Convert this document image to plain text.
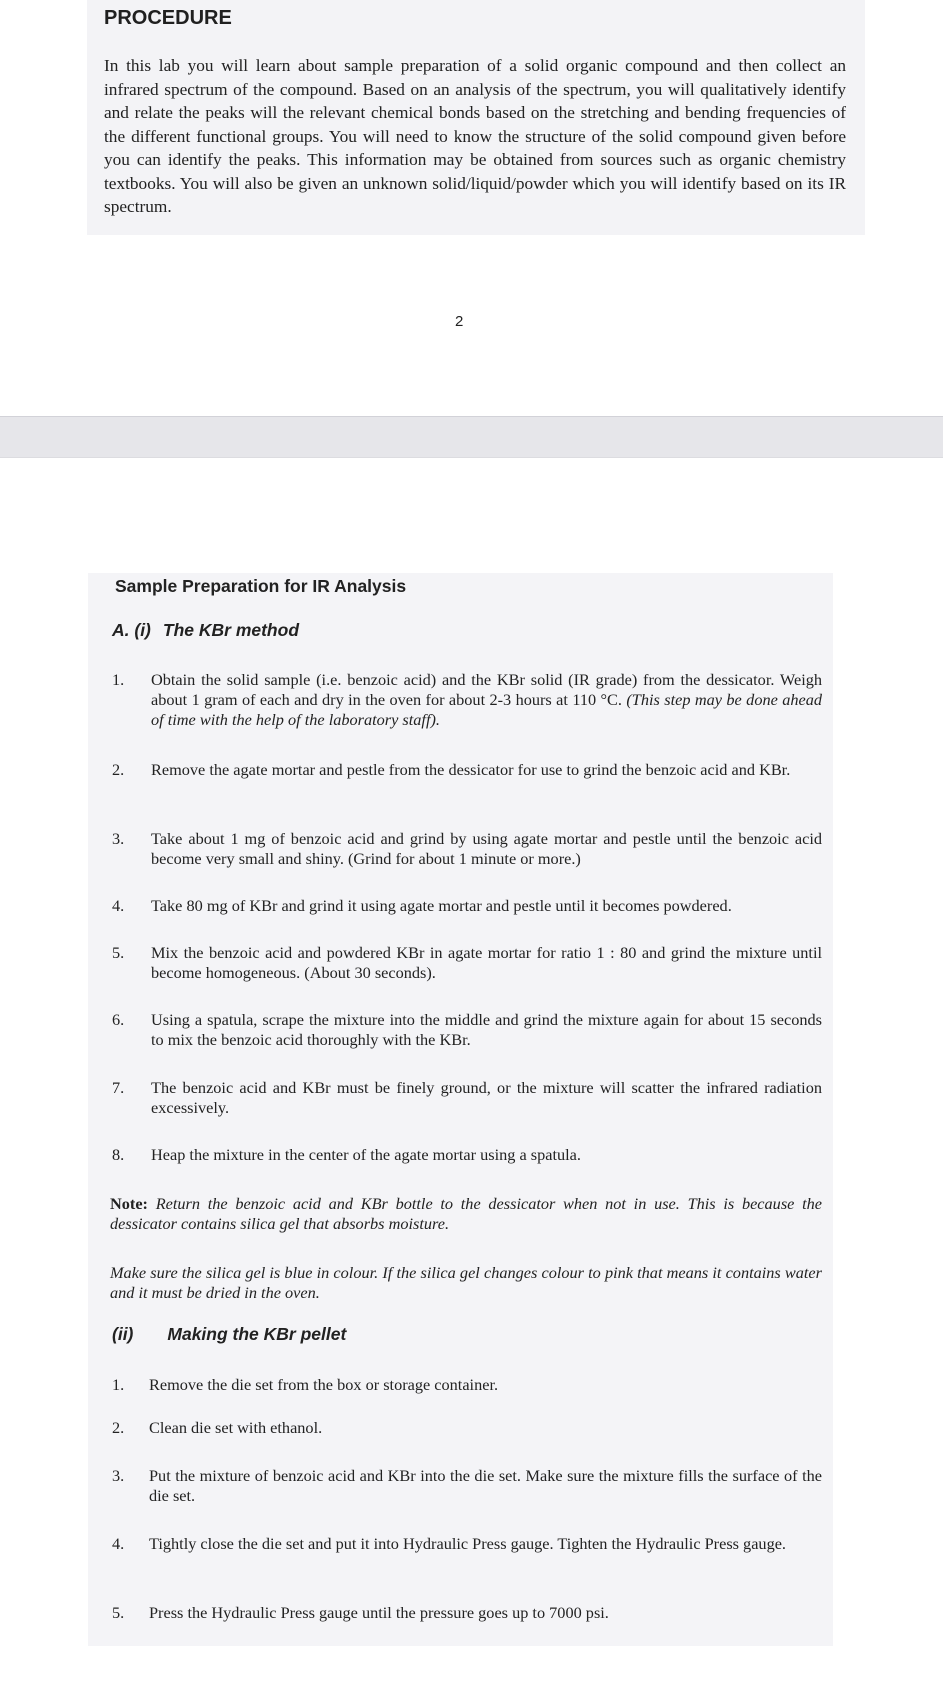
PROCEDURE

In this lab you will learn about sample preparation of a solid organic compound and then collect an infrared spectrum of the compound. Based on an analysis of the spectrum, you will qualitatively identify and relate the peaks will the relevant chemical bonds based on the stretching and bending frequencies of the different functional groups. You will need to know the structure of the solid compound given before you can identify the peaks. This information may be obtained from sources such as organic chemistry textbooks. You will also be given an unknown solid/liquid/powder which you will identify based on its IR spectrum.

2
Sample Preparation for IR Analysis
A. (i) The KBr method
1. Obtain the solid sample (i.e. benzoic acid) and the KBr solid (IR grade) from the dessicator. Weigh about 1 gram of each and dry in the oven for about 2-3 hours at 110 °C. (This step may be done ahead of time with the help of the laboratory staff).
2. Remove the agate mortar and pestle from the dessicator for use to grind the benzoic acid and KBr.
3. Take about 1 mg of benzoic acid and grind by using agate mortar and pestle until the benzoic acid become very small and shiny. (Grind for about 1 minute or more.)
4. Take 80 mg of KBr and grind it using agate mortar and pestle until it becomes powdered.
5. Mix the benzoic acid and powdered KBr in agate mortar for ratio 1 : 80 and grind the mixture until become homogeneous. (About 30 seconds).
6. Using a spatula, scrape the mixture into the middle and grind the mixture again for about 15 seconds to mix the benzoic acid thoroughly with the KBr.
7. The benzoic acid and KBr must be finely ground, or the mixture will scatter the infrared radiation excessively.
8. Heap the mixture in the center of the agate mortar using a spatula.
Note: Return the benzoic acid and KBr bottle to the dessicator when not in use. This is because the dessicator contains silica gel that absorbs moisture.
Make sure the silica gel is blue in colour. If the silica gel changes colour to pink that means it contains water and it must be dried in the oven.
(ii) Making the KBr pellet
1. Remove the die set from the box or storage container.
2. Clean die set with ethanol.
3. Put the mixture of benzoic acid and KBr into the die set. Make sure the mixture fills the surface of the die set.
4. Tightly close the die set and put it into Hydraulic Press gauge. Tighten the Hydraulic Press gauge.
5. Press the Hydraulic Press gauge until the pressure goes up to 7000 psi.
